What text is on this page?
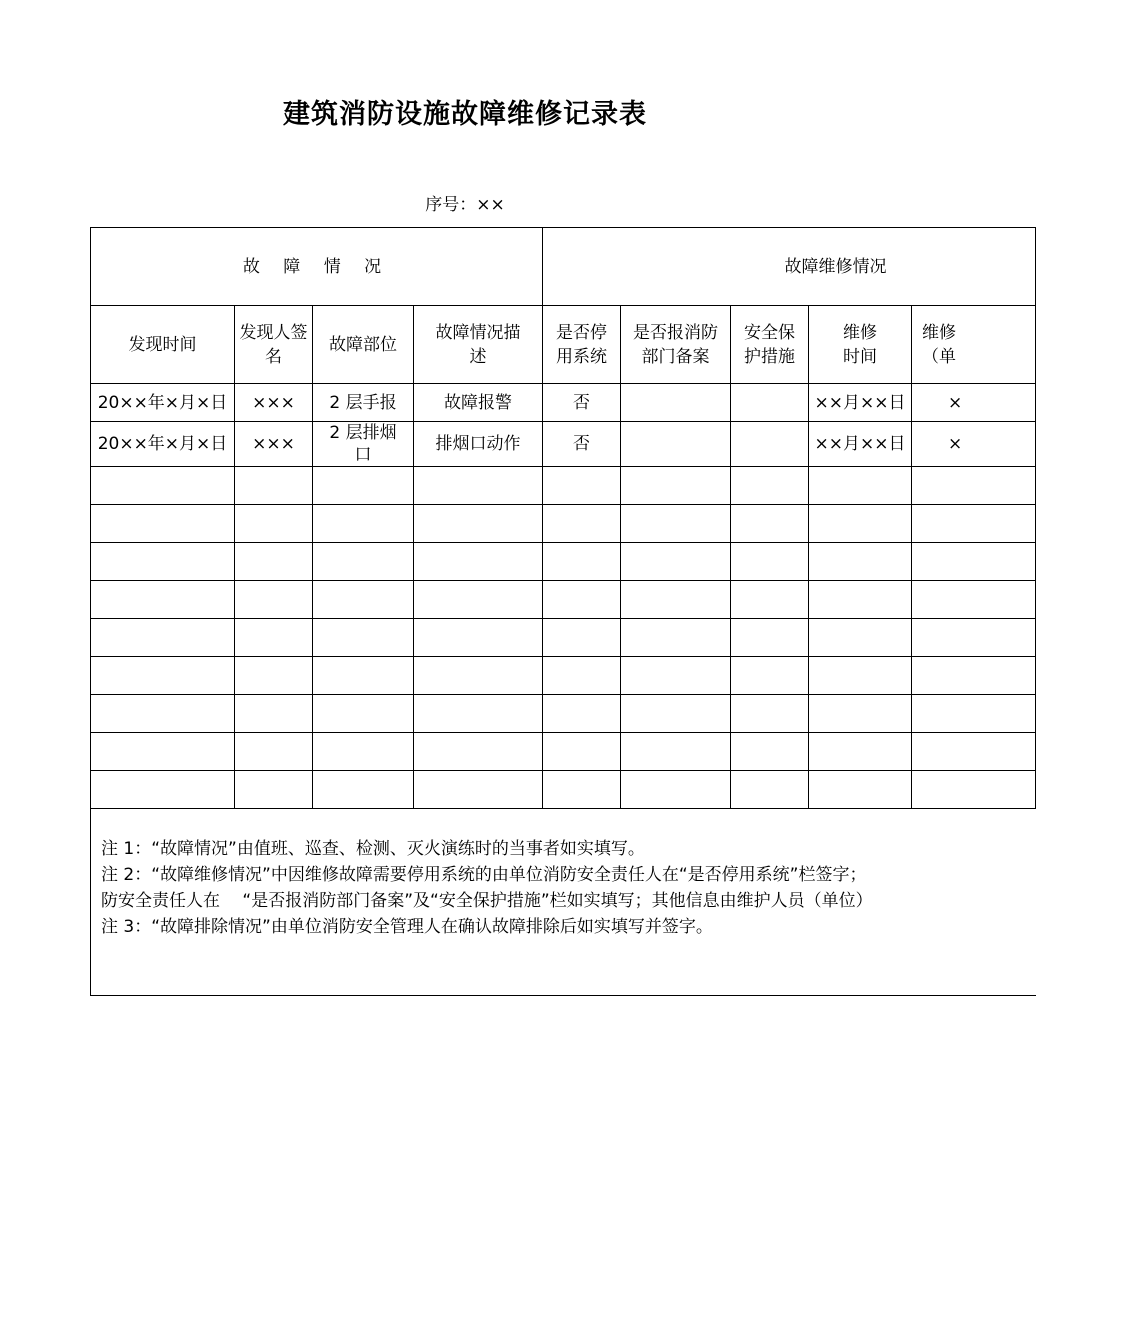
建筑消防设施故障维修记录表
序号：××
故 障 情 况				故障维修情况				
发现时间	发现人签　名	故障部位	故障情况描述	是否停用系统	是否报消防部门备案	安全保护措施	维修时间	维修（单
20××年×月×日	×××	2 层手报	故障报警	否			××月××日	×
20××年×月×日	×××	2 层排烟口	排烟口动作	否			××月××日	×

注 1：“故障情况”由值班、巡查、检测、灭火演练时的当事者如实填写。
注 2：“故障维修情况”中因维修故障需要停用系统的由单位消防安全责任人在“是否停用系统”栏签字；
防安全责任人在　 “是否报消防部门备案”及“安全保护措施”栏如实填写；其他信息由维护人员（单位）
注 3：“故障排除情况”由单位消防安全管理人在确认故障排除后如实填写并签字。								
